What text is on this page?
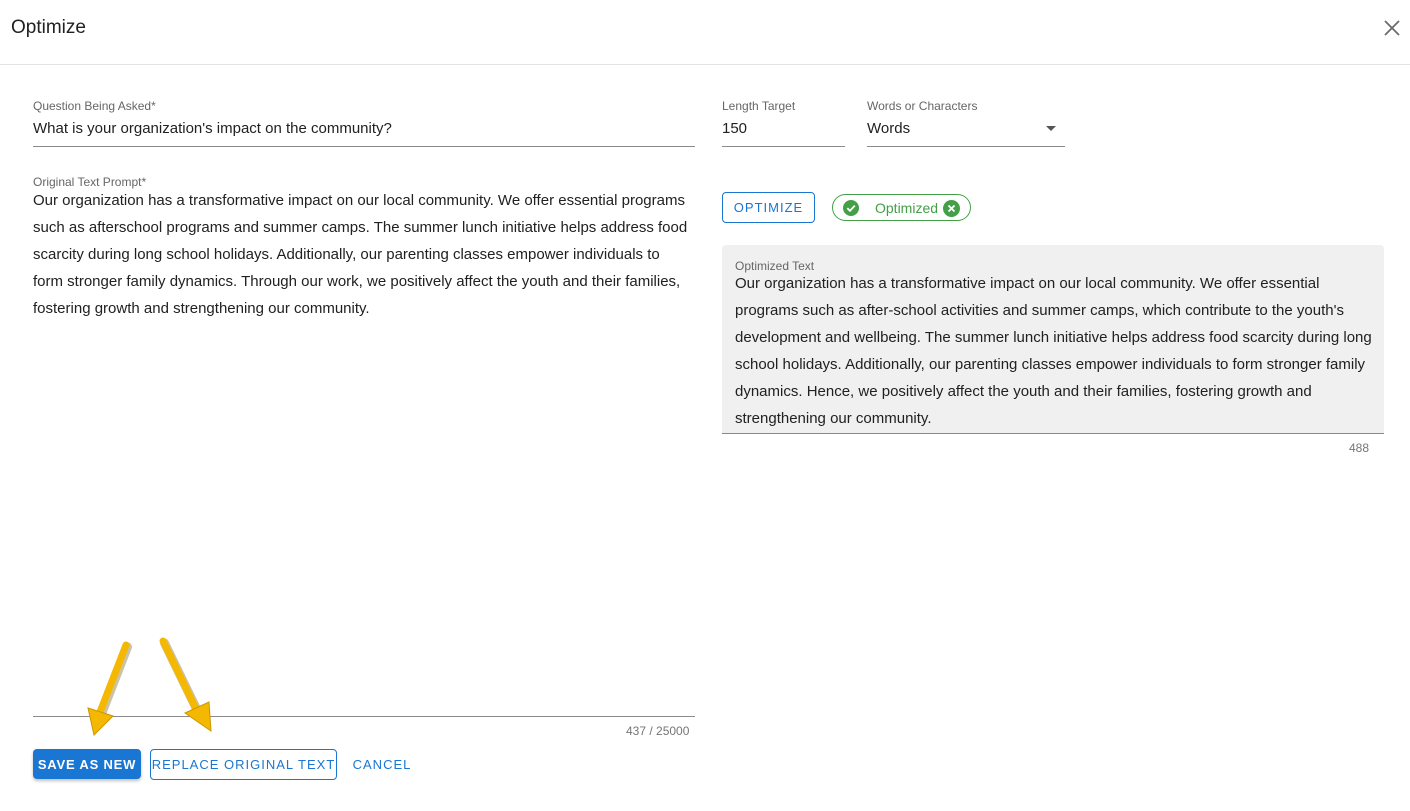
Optimize
Question Being Asked*
What is your organization's impact on the community?
Length Target
150
Words or Characters
Words
Original Text Prompt*
Our organization has a transformative impact on our local community. We offer essential programs such as afterschool programs and summer camps. The summer lunch initiative helps address food scarcity during long school holidays. Additionally, our parenting classes empower individuals to form stronger family dynamics. Through our work, we positively affect the youth and their families, fostering growth and strengthening our community.
437 / 25000
OPTIMIZE	Optimized
Optimized Text
Our organization has a transformative impact on our local community. We offer essential programs such as after-school activities and summer camps, which contribute to the youth's development and wellbeing. The summer lunch initiative helps address food scarcity during long school holidays. Additionally, our parenting classes empower individuals to form stronger family dynamics. Hence, we positively affect the youth and their families, fostering growth and strengthening our community.
488
SAVE AS NEW	REPLACE ORIGINAL TEXT CANCEL
